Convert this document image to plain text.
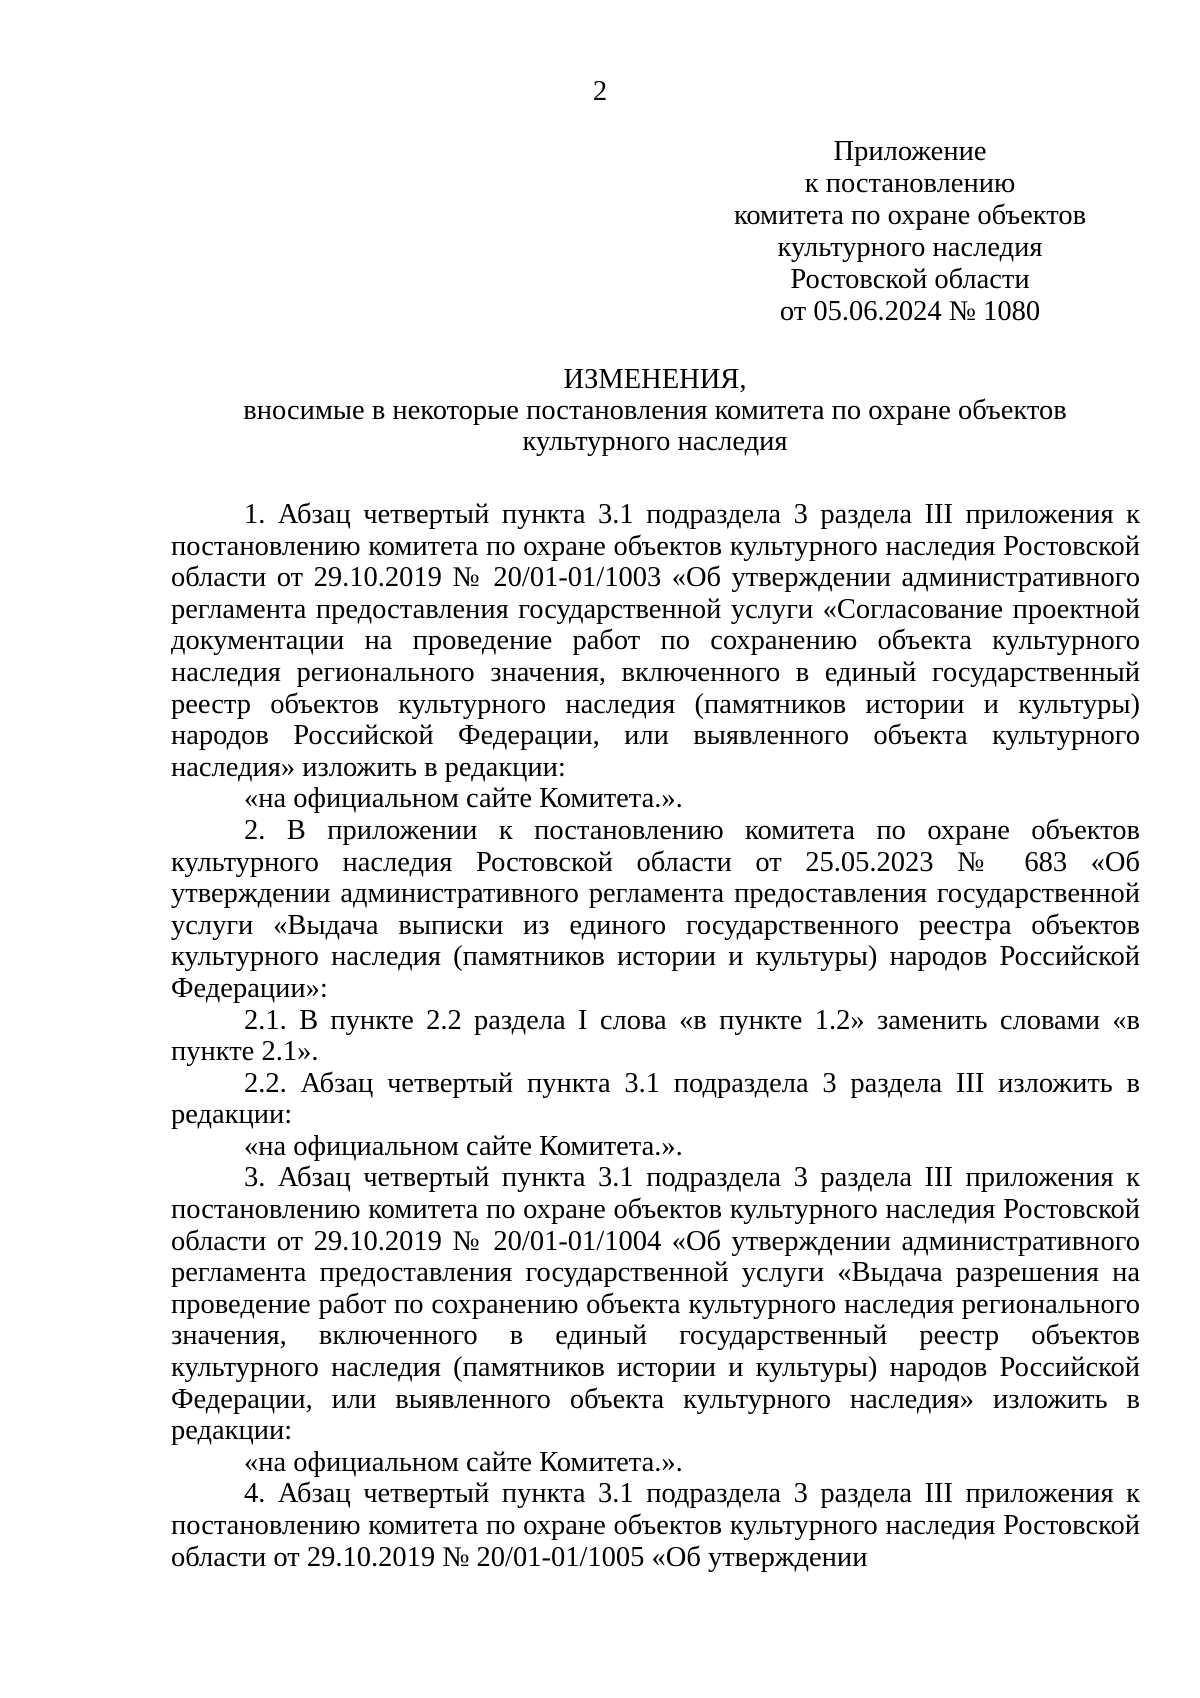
2
Приложение
к постановлению
комитета по охране объектов
культурного наследия
Ростовской области
от 05.06.2024 № 1080
ИЗМЕНЕНИЯ,
вносимые в некоторые постановления комитета по охране объектов
культурного наследия

1. Абзац четвертый пункта 3.1 подраздела 3 раздела III приложения к постановлению комитета по охране объектов культурного наследия Ростовской области от 29.10.2019 № 20/01-01/1003 «Об утверждении административного регламента предоставления государственной услуги «Согласование проектной документации на проведение работ по сохранению объекта культурного наследия регионального значения, включенного в единый государственный реестр объектов культурного наследия (памятников истории и культуры) народов Российской Федерации, или выявленного объекта культурного наследия» изложить в редакции:

«на официальном сайте Комитета.».

2. В приложении к постановлению комитета по охране объектов культурного наследия Ростовской области от 25.05.2023 № 683 «Об утверждении административного регламента предоставления государственной услуги «Выдача выписки из единого государственного реестра объектов культурного наследия (памятников истории и культуры) народов Российской Федерации»:

2.1. В пункте 2.2 раздела I слова «в пункте 1.2» заменить словами «в пункте 2.1».

2.2. Абзац четвертый пункта 3.1 подраздела 3 раздела III изложить в редакции:

«на официальном сайте Комитета.».

3. Абзац четвертый пункта 3.1 подраздела 3 раздела III приложения к постановлению комитета по охране объектов культурного наследия Ростовской области от 29.10.2019 № 20/01-01/1004 «Об утверждении административного регламента предоставления государственной услуги «Выдача разрешения на проведение работ по сохранению объекта культурного наследия регионального значения, включенного в единый государственный реестр объектов культурного наследия (памятников истории и культуры) народов Российской Федерации, или выявленного объекта культурного наследия» изложить в редакции:

«на официальном сайте Комитета.».

4. Абзац четвертый пункта 3.1 подраздела 3 раздела III приложения к постановлению комитета по охране объектов культурного наследия Ростовской области от 29.10.2019 № 20/01-01/1005 «Об утверждении
